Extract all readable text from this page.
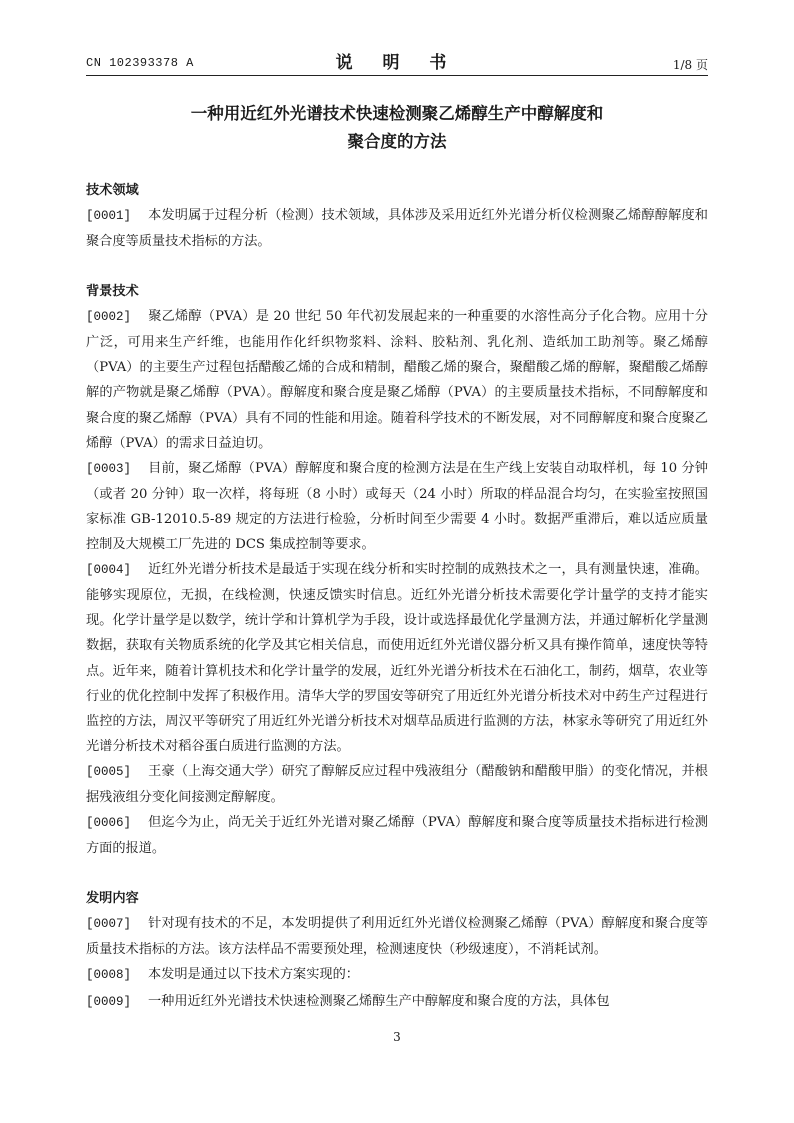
CN 102393378 A	说 明 书	1/8 页
一种用近红外光谱技术快速检测聚乙烯醇生产中醇解度和
聚合度的方法

技术领域

[0001] 本发明属于过程分析（检测）技术领域，具体涉及采用近红外光谱分析仪检测聚乙烯醇醇解度和聚合度等质量技术指标的方法。

背景技术

[0002] 聚乙烯醇（PVA）是 20 世纪 50 年代初发展起来的一种重要的水溶性高分子化合物。应用十分广泛，可用来生产纤维，也能用作化纤织物浆料、涂料、胶粘剂、乳化剂、造纸加工助剂等。聚乙烯醇（PVA）的主要生产过程包括醋酸乙烯的合成和精制，醋酸乙烯的聚合，聚醋酸乙烯的醇解，聚醋酸乙烯醇解的产物就是聚乙烯醇（PVA）。醇解度和聚合度是聚乙烯醇（PVA）的主要质量技术指标，不同醇解度和聚合度的聚乙烯醇（PVA）具有不同的性能和用途。随着科学技术的不断发展，对不同醇解度和聚合度聚乙烯醇（PVA）的需求日益迫切。

[0003] 目前，聚乙烯醇（PVA）醇解度和聚合度的检测方法是在生产线上安装自动取样机，每 10 分钟（或者 20 分钟）取一次样，将每班（8 小时）或每天（24 小时）所取的样品混合均匀，在实验室按照国家标准 GB-12010.5-89 规定的方法进行检验，分析时间至少需要 4 小时。数据严重滞后，难以适应质量控制及大规模工厂先进的 DCS 集成控制等要求。

[0004] 近红外光谱分析技术是最适于实现在线分析和实时控制的成熟技术之一，具有测量快速，准确。能够实现原位，无损，在线检测，快速反馈实时信息。近红外光谱分析技术需要化学计量学的支持才能实现。化学计量学是以数学，统计学和计算机学为手段，设计或选择最优化学量测方法，并通过解析化学量测数据，获取有关物质系统的化学及其它相关信息，而使用近红外光谱仪器分析又具有操作简单，速度快等特点。近年来，随着计算机技术和化学计量学的发展，近红外光谱分析技术在石油化工，制药，烟草，农业等行业的优化控制中发挥了积极作用。清华大学的罗国安等研究了用近红外光谱分析技术对中药生产过程进行监控的方法，周汉平等研究了用近红外光谱分析技术对烟草品质进行监测的方法，林家永等研究了用近红外光谱分析技术对稻谷蛋白质进行监测的方法。

[0005] 王豪（上海交通大学）研究了醇解反应过程中残液组分（醋酸钠和醋酸甲脂）的变化情况，并根据残液组分变化间接测定醇解度。

[0006] 但迄今为止，尚无关于近红外光谱对聚乙烯醇（PVA）醇解度和聚合度等质量技术指标进行检测方面的报道。

发明内容

[0007] 针对现有技术的不足，本发明提供了利用近红外光谱仪检测聚乙烯醇（PVA）醇解度和聚合度等质量技术指标的方法。该方法样品不需要预处理，检测速度快（秒级速度），不消耗试剂。

[0008] 本发明是通过以下技术方案实现的：

[0009] 一种用近红外光谱技术快速检测聚乙烯醇生产中醇解度和聚合度的方法，具体包

3
